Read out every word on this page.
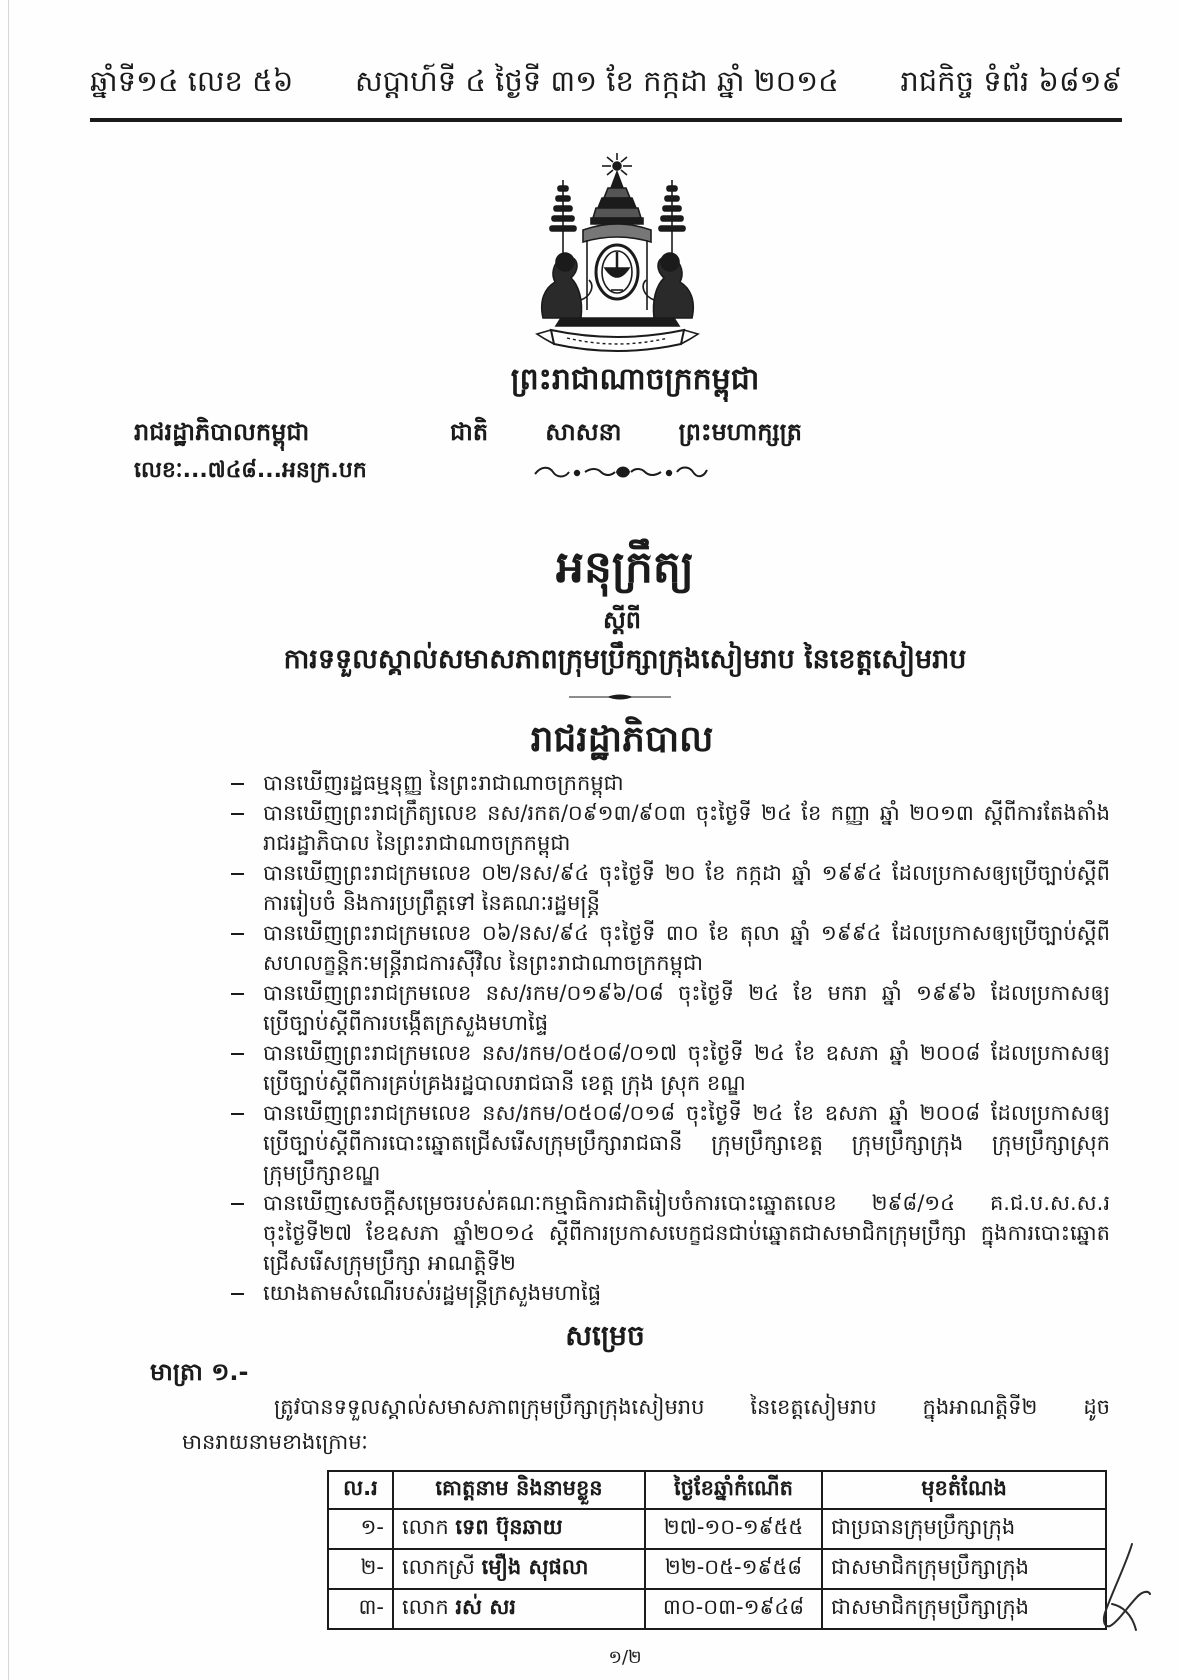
ឆ្នាំទី១៤ លេខ ៥៦ សប្តាហ៍ទី ៤ ថ្ងៃទី ៣១ ខែ កក្កដា ឆ្នាំ ២០១៤ រាជកិច្ច ទំព័រ ៦៨១៩
ព្រះរាជាណាចក្រកម្ពុជា
រាជរដ្ឋាភិបាលកម្ពុជា	ជាតិ សាសនា ព្រះមហាក្សត្រ
លេខៈ...៧៤៨...អនក្រ.បក
អនុក្រឹត្យ
ស្តីពី
ការទទួលស្គាល់សមាសភាពក្រុមប្រឹក្សាក្រុងសៀមរាប នៃខេត្តសៀមរាប
រាជរដ្ឋាភិបាល
បានឃើញរដ្ឋធម្មនុញ្ញ នៃព្រះរាជាណាចក្រកម្ពុជា
បានឃើញព្រះរាជក្រឹត្យលេខ នស/រកត/០៩១៣/៩០៣ ចុះថ្ងៃទី ២៤ ខែ កញ្ញា ឆ្នាំ ២០១៣ ស្តីពីការតែងតាំង
រាជរដ្ឋាភិបាល នៃព្រះរាជាណាចក្រកម្ពុជា
បានឃើញព្រះរាជក្រមលេខ ០២/នស/៩៤ ចុះថ្ងៃទី ២០ ខែ កក្កដា ឆ្នាំ ១៩៩៤ ដែលប្រកាសឲ្យប្រើច្បាប់ស្តីពី
ការរៀបចំ និងការប្រព្រឹត្តទៅ នៃគណៈរដ្ឋមន្ត្រី
បានឃើញព្រះរាជក្រមលេខ ០៦/នស/៩៤ ចុះថ្ងៃទី ៣០ ខែ តុលា ឆ្នាំ ១៩៩៤ ដែលប្រកាសឲ្យប្រើច្បាប់ស្តីពី
សហលក្ខន្តិកៈមន្ត្រីរាជការស៊ីវិល នៃព្រះរាជាណាចក្រកម្ពុជា
បានឃើញព្រះរាជក្រមលេខ នស/រកម/០១៩៦/០៨ ចុះថ្ងៃទី ២៤ ខែ មករា ឆ្នាំ ១៩៩៦ ដែលប្រកាសឲ្យ
ប្រើច្បាប់ស្តីពីការបង្កើតក្រសួងមហាផ្ទៃ
បានឃើញព្រះរាជក្រមលេខ នស/រកម/០៥០៨/០១៧ ចុះថ្ងៃទី ២៤ ខែ ឧសភា ឆ្នាំ ២០០៨ ដែលប្រកាសឲ្យ
ប្រើច្បាប់ស្តីពីការគ្រប់គ្រងរដ្ឋបាលរាជធានី ខេត្ត ក្រុង ស្រុក ខណ្ឌ
បានឃើញព្រះរាជក្រមលេខ នស/រកម/០៥០៨/០១៨ ចុះថ្ងៃទី ២៤ ខែ ឧសភា ឆ្នាំ ២០០៨ ដែលប្រកាសឲ្យ
ប្រើច្បាប់ស្តីពីការបោះឆ្នោតជ្រើសរើសក្រុមប្រឹក្សារាជធានី ក្រុមប្រឹក្សាខេត្ត ក្រុមប្រឹក្សាក្រុង ក្រុមប្រឹក្សាស្រុក
ក្រុមប្រឹក្សាខណ្ឌ
បានឃើញសេចក្តីសម្រេចរបស់គណៈកម្មាធិការជាតិរៀបចំការបោះឆ្នោតលេខ ២៩៨/១៤ គ.ជ.ប.ស.ស.រ
ចុះថ្ងៃទី២៧ ខែឧសភា ឆ្នាំ២០១៤ ស្តីពីការប្រកាសបេក្ខជនជាប់ឆ្នោតជាសមាជិកក្រុមប្រឹក្សា ក្នុងការបោះឆ្នោត
ជ្រើសរើសក្រុមប្រឹក្សា អាណត្តិទី២
យោងតាមសំណើរបស់រដ្ឋមន្ត្រីក្រសួងមហាផ្ទៃ
សម្រេច
មាត្រា ១.-
ត្រូវបានទទួលស្គាល់សមាសភាពក្រុមប្រឹក្សាក្រុងសៀមរាប នៃខេត្តសៀមរាប ក្នុងអាណត្តិទី២ ដូច
មានរាយនាមខាងក្រោមៈ
ល.រ	គោត្តនាម និងនាមខ្លួន	ថ្ងៃខែឆ្នាំកំណើត	មុខតំណែង
១-	លោក ទេព ប៊ុនឆាយ	២៧-១០-១៩៥៥	ជាប្រធានក្រុមប្រឹក្សាក្រុង
២-	លោកស្រី មឿង សុផលា	២២-០៥-១៩៥៨	ជាសមាជិកក្រុមប្រឹក្សាក្រុង
៣-	លោក រស់ សរ	៣០-០៣-១៩៤៨	ជាសមាជិកក្រុមប្រឹក្សាក្រុង
១/២
